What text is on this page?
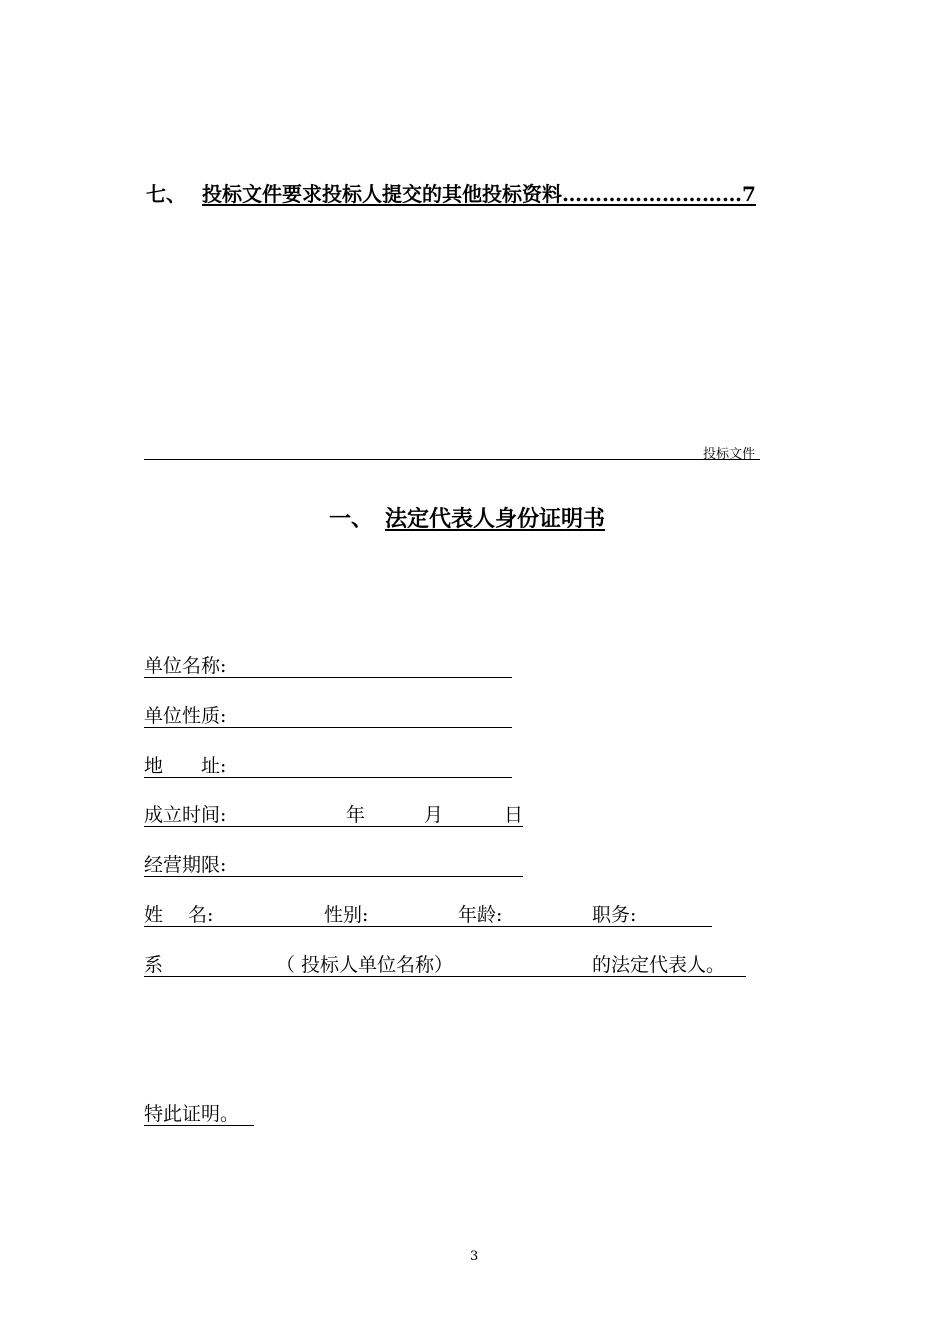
七、 投标文件要求投标人提交的其他投标资料………………………7
投标文件
一、 法定代表人身份证明书
单位名称:
单位性质:
地　　址:
成立时间:	年	月	日
经营期限:
姓　 名:	性别:	年龄:	职务:
系	（ 投标人单位名称）	的法定代表人。
特此证明。
3
